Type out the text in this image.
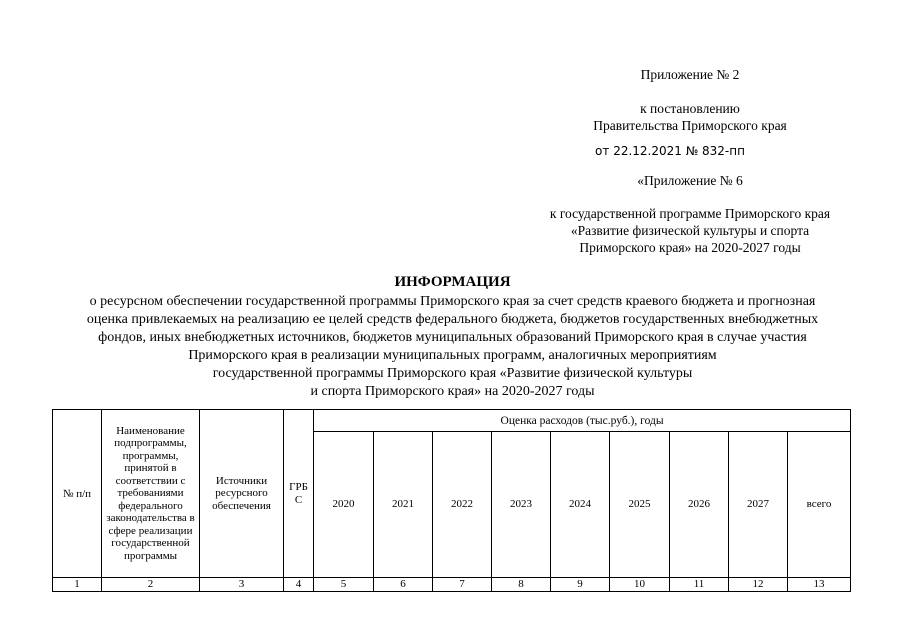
Приложение № 2
к постановлению
Правительства Приморского края
от 22.12.2021 № 832-пп
«Приложение № 6
к государственной программе Приморского края
«Развитие физической культуры и спорта
Приморского края» на 2020-2027 годы
ИНФОРМАЦИЯ
о ресурсном обеспечении государственной программы Приморского края за счет средств краевого бюджета и прогнозная
оценка привлекаемых на реализацию ее целей средств федерального бюджета, бюджетов государственных внебюджетных
фондов, иных внебюджетных источников, бюджетов муниципальных образований Приморского края в случае участия
Приморского края в реализации муниципальных программ, аналогичных мероприятиям
государственной программы Приморского края «Развитие физической культуры
и спорта Приморского края» на 2020-2027 годы
№ п/п	Наименование подпрограммы, программы, принятой в соответствии с требованиями федерального законодательства в сфере реализации государственной программы	Источники ресурсного обеспечения	ГРБ С	Оценка расходов (тыс.руб.), годы								
				2020	2021	2022	2023	2024	2025	2026	2027	всего
1	2	3	4	5	6	7	8	9	10	11	12	13
